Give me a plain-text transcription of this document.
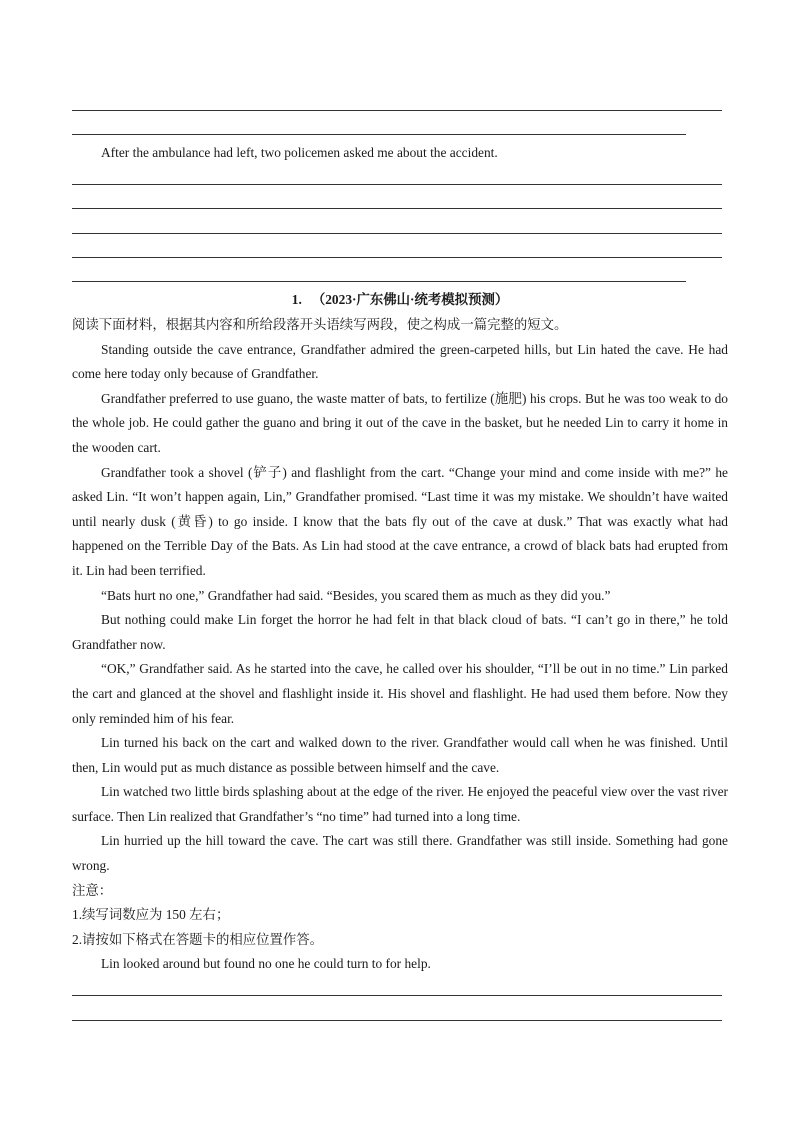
After the ambulance had left, two policemen asked me about the accident.

1. （2023·广东佛山·统考模拟预测）

阅读下面材料，根据其内容和所给段落开头语续写两段，使之构成一篇完整的短文。

Standing outside the cave entrance, Grandfather admired the green-carpeted hills, but Lin hated the cave. He had come here today only because of Grandfather.

Grandfather preferred to use guano, the waste matter of bats, to fertilize (施肥) his crops. But he was too weak to do the whole job. He could gather the guano and bring it out of the cave in the basket, but he needed Lin to carry it home in the wooden cart.

Grandfather took a shovel (铲子) and flashlight from the cart. “Change your mind and come inside with me?” he asked Lin. “It won’t happen again, Lin,” Grandfather promised. “Last time it was my mistake. We shouldn’t have waited until nearly dusk (黄昏) to go inside. I know that the bats fly out of the cave at dusk.” That was exactly what had happened on the Terrible Day of the Bats. As Lin had stood at the cave entrance, a crowd of black bats had erupted from it. Lin had been terrified.

“Bats hurt no one,” Grandfather had said. “Besides, you scared them as much as they did you.”

But nothing could make Lin forget the horror he had felt in that black cloud of bats. “I can’t go in there,” he told Grandfather now.

“OK,” Grandfather said. As he started into the cave, he called over his shoulder, “I’ll be out in no time.” Lin parked the cart and glanced at the shovel and flashlight inside it. His shovel and flashlight. He had used them before. Now they only reminded him of his fear.

Lin turned his back on the cart and walked down to the river. Grandfather would call when he was finished. Until then, Lin would put as much distance as possible between himself and the cave.

Lin watched two little birds splashing about at the edge of the river. He enjoyed the peaceful view over the vast river surface. Then Lin realized that Grandfather’s “no time” had turned into a long time.

Lin hurried up the hill toward the cave. The cart was still there. Grandfather was still inside. Something had gone wrong.

注意：

1.续写词数应为 150 左右；

2.请按如下格式在答题卡的相应位置作答。

Lin looked around but found no one he could turn to for help.
